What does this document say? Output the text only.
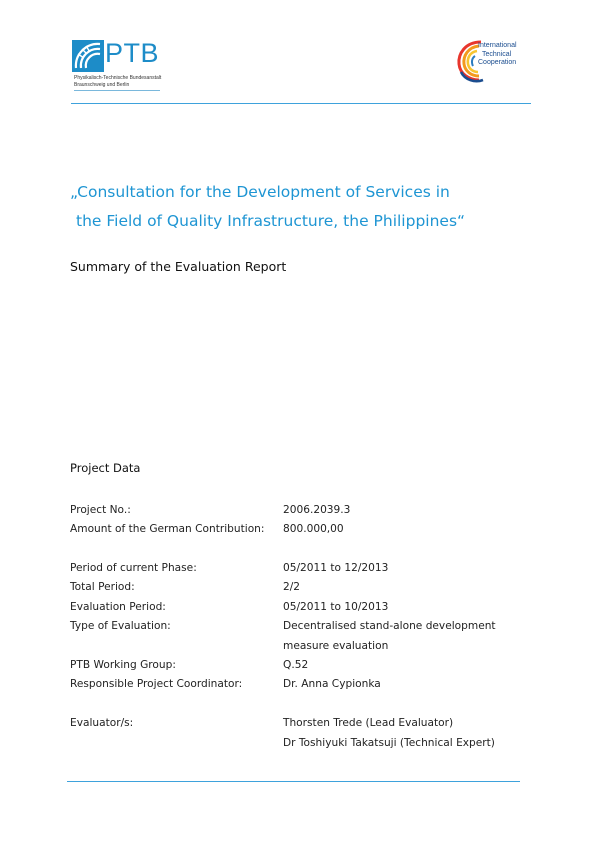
PTB
Physikalisch-Technische Bundesanstalt
Braunschweig und Berlin
International
Technical
Cooperation
„Consultation for the Development of Services in
the Field of Quality Infrastructure, the Philippines“
Summary of the Evaluation Report
Project Data
Project No.:	2006.2039.3
Amount of the German Contribution: 800.000,00
Period of current Phase:	05/2011 to 12/2013
Total Period:	2/2
Evaluation Period:	05/2011 to 10/2013
Type of Evaluation:	Decentralised stand-alone development
measure evaluation
PTB Working Group:	Q.52
Responsible Project Coordinator:	Dr. Anna Cypionka
Evaluator/s:	Thorsten Trede (Lead Evaluator)
Dr Toshiyuki Takatsuji (Technical Expert)
